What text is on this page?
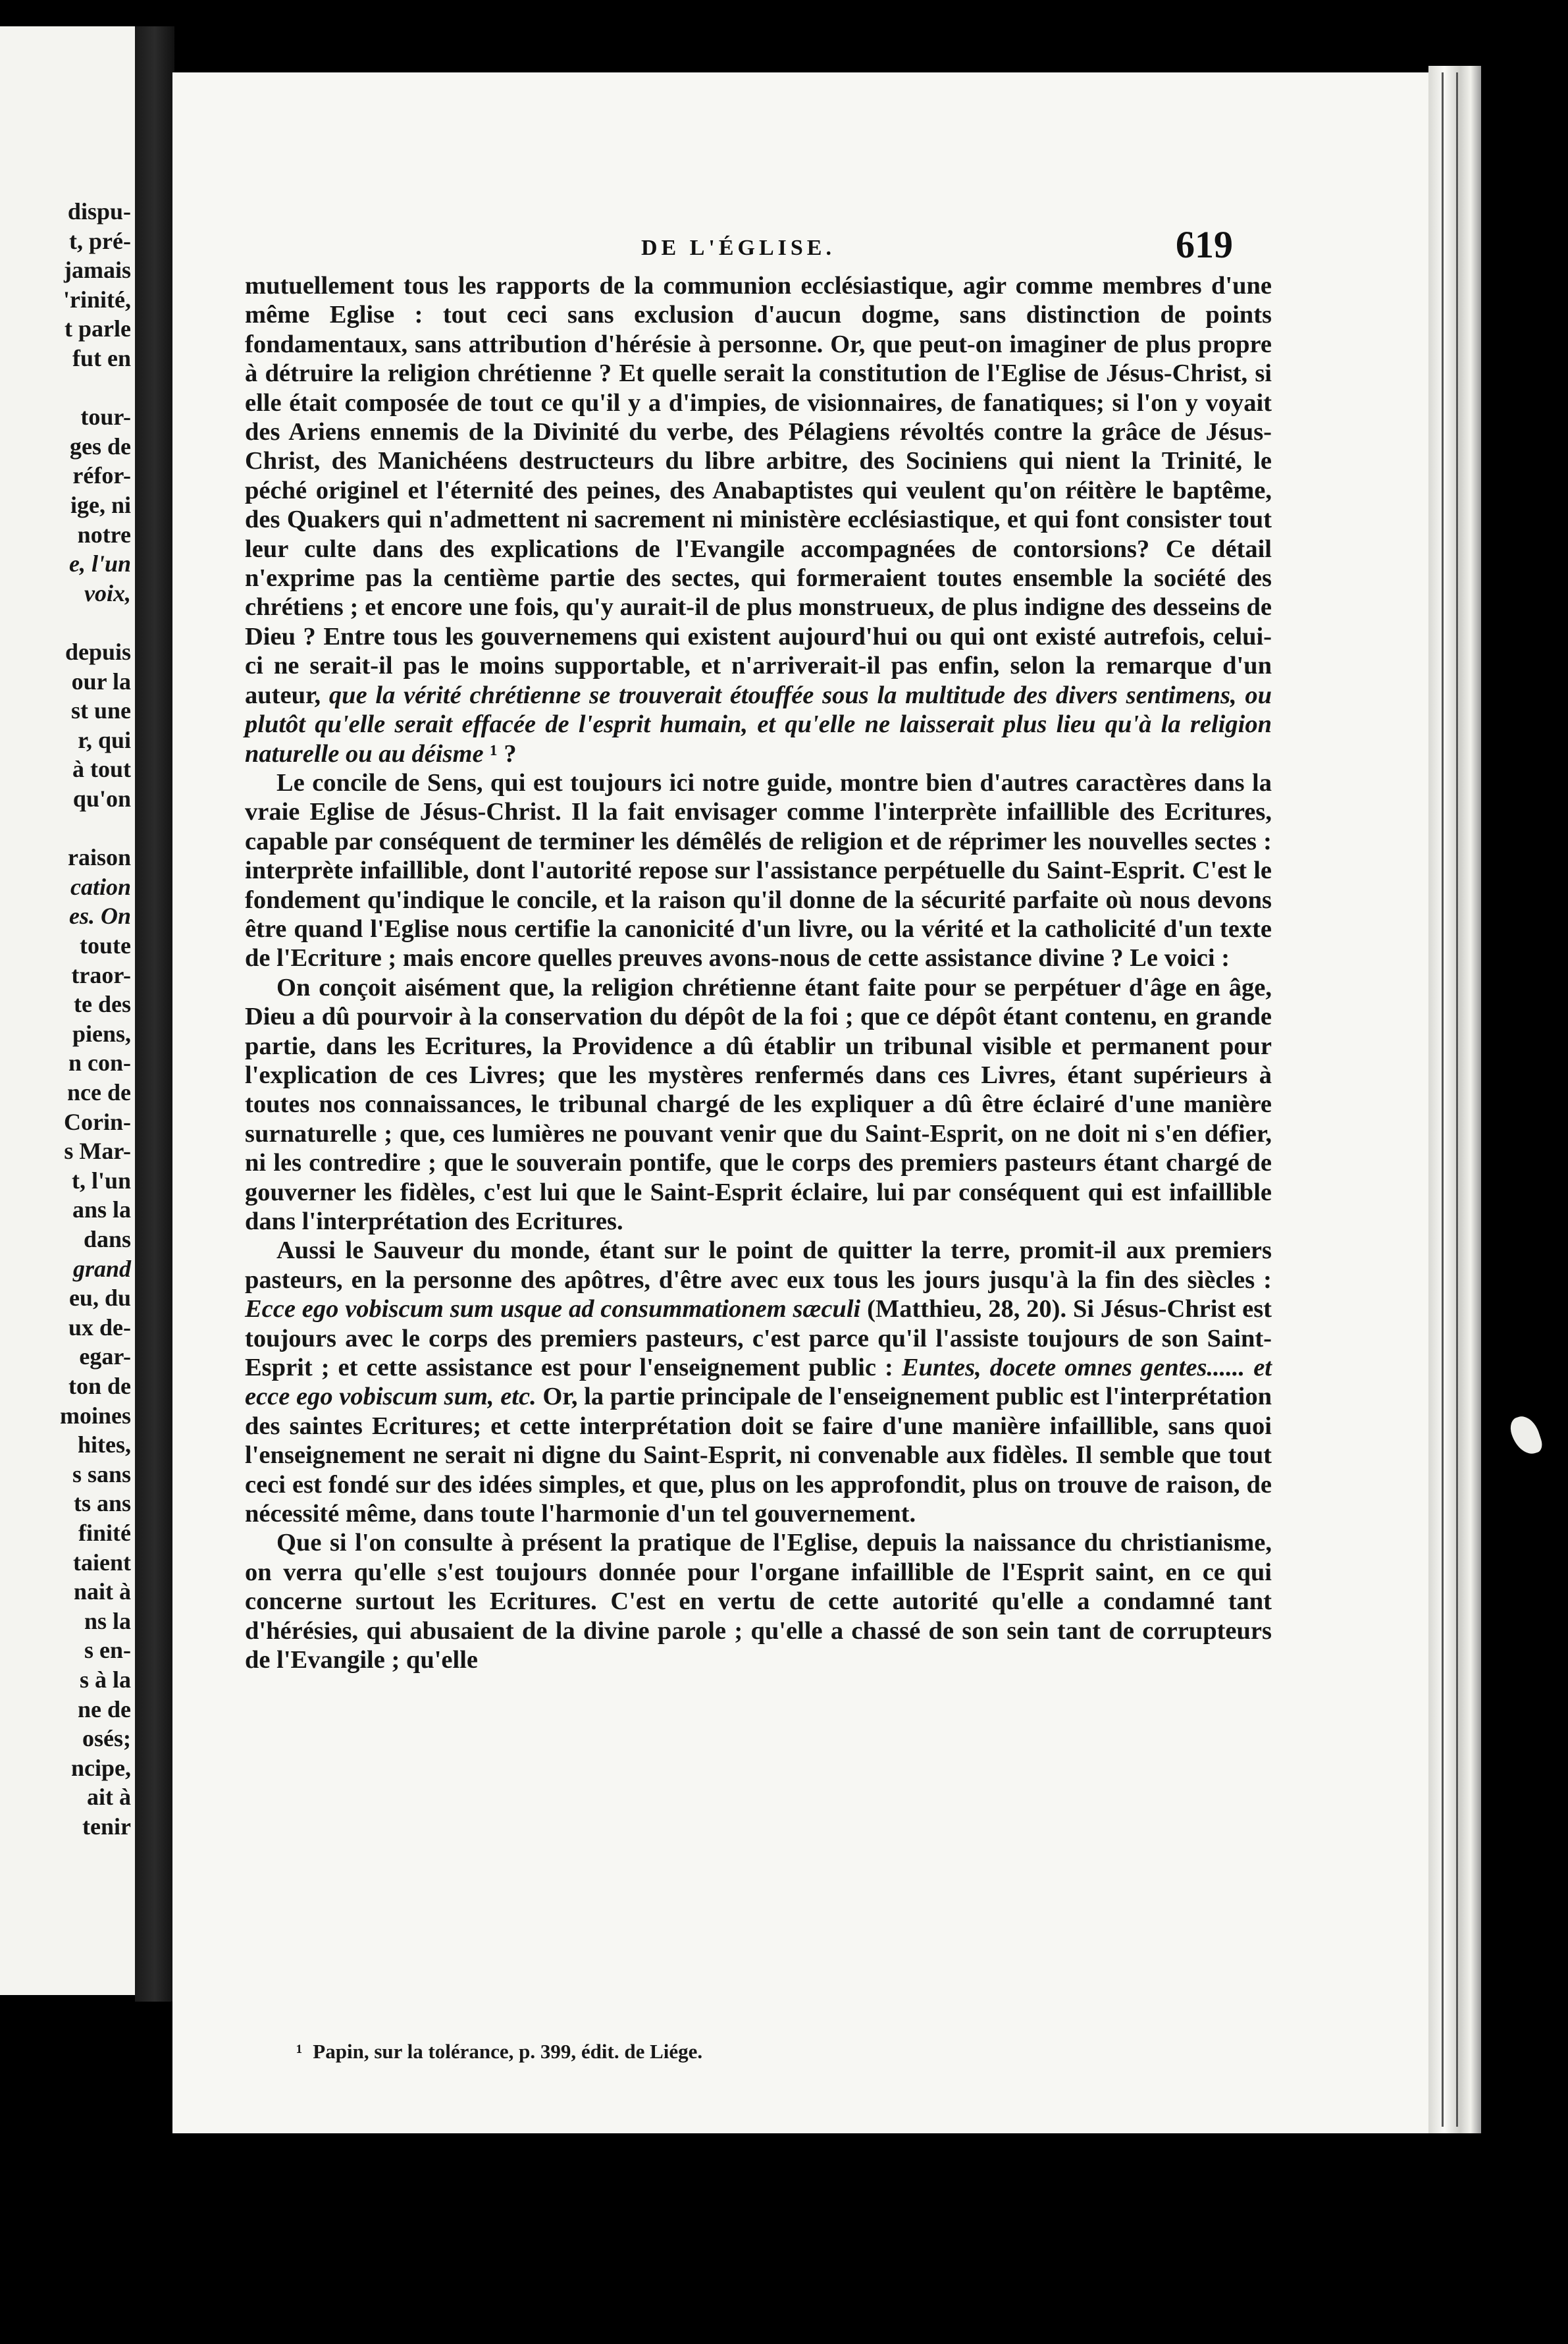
dispu-
t, pré-
jamais
'rinité,
t parle
fut en
tour-
ges de
réfor-
ige, ni
notre
e, l'un
voix,
depuis
our la
st une
r, qui
à tout
qu'on
raison
cation
es. On
toute
traor-
te des
piens,
n con-
nce de
Corin-
s Mar-
t, l'un
ans la
dans
grand
eu, du
ux de-
egar-
ton de
moines
hites,
s sans
ts ans
finité
taient
nait à
ns la
s en-
s à la
ne de
osés;
ncipe,
ait à
tenir
DE L'ÉGLISE.	619

mutuellement tous les rapports de la communion ecclésiastique, agir comme membres d'une même Eglise : tout ceci sans exclusion d'aucun dogme, sans distinction de points fondamentaux, sans attribution d'hérésie à personne. Or, que peut-on imaginer de plus propre à détruire la religion chrétienne ? Et quelle serait la constitution de l'Eglise de Jésus-Christ, si elle était composée de tout ce qu'il y a d'impies, de visionnaires, de fanatiques; si l'on y voyait des Ariens ennemis de la Divinité du verbe, des Pélagiens révoltés contre la grâce de Jésus-Christ, des Manichéens destructeurs du libre arbitre, des Sociniens qui nient la Trinité, le péché originel et l'éternité des peines, des Anabaptistes qui veulent qu'on réitère le baptême, des Quakers qui n'admettent ni sacrement ni ministère ecclésiastique, et qui font consister tout leur culte dans des explications de l'Evangile accompagnées de contorsions? Ce détail n'exprime pas la centième partie des sectes, qui formeraient toutes ensemble la société des chrétiens ; et encore une fois, qu'y aurait-il de plus monstrueux, de plus indigne des desseins de Dieu ? Entre tous les gouvernemens qui existent aujourd'hui ou qui ont existé autrefois, celui-ci ne serait-il pas le moins supportable, et n'arriverait-il pas enfin, selon la remarque d'un auteur, que la vérité chrétienne se trouverait étouffée sous la multitude des divers sentimens, ou plutôt qu'elle serait effacée de l'esprit humain, et qu'elle ne laisserait plus lieu qu'à la religion naturelle ou au déisme ¹ ?

Le concile de Sens, qui est toujours ici notre guide, montre bien d'autres caractères dans la vraie Eglise de Jésus-Christ. Il la fait envisager comme l'interprète infaillible des Ecritures, capable par conséquent de terminer les démêlés de religion et de réprimer les nouvelles sectes : interprète infaillible, dont l'autorité repose sur l'assistance perpétuelle du Saint-Esprit. C'est le fondement qu'indique le concile, et la raison qu'il donne de la sécurité parfaite où nous devons être quand l'Eglise nous certifie la canonicité d'un livre, ou la vérité et la catholicité d'un texte de l'Ecriture ; mais encore quelles preuves avons-nous de cette assistance divine ? Le voici :

On conçoit aisément que, la religion chrétienne étant faite pour se perpétuer d'âge en âge, Dieu a dû pourvoir à la conservation du dépôt de la foi ; que ce dépôt étant contenu, en grande partie, dans les Ecritures, la Providence a dû établir un tribunal visible et permanent pour l'explication de ces Livres; que les mystères renfermés dans ces Livres, étant supérieurs à toutes nos connaissances, le tribunal chargé de les expliquer a dû être éclairé d'une manière surnaturelle ; que, ces lumières ne pouvant venir que du Saint-Esprit, on ne doit ni s'en défier, ni les contredire ; que le souverain pontife, que le corps des premiers pasteurs étant chargé de gouverner les fidèles, c'est lui que le Saint-Esprit éclaire, lui par conséquent qui est infaillible dans l'interprétation des Ecritures.

Aussi le Sauveur du monde, étant sur le point de quitter la terre, promit-il aux premiers pasteurs, en la personne des apôtres, d'être avec eux tous les jours jusqu'à la fin des siècles : Ecce ego vobiscum sum usque ad consummationem sæculi (Matthieu, 28, 20). Si Jésus-Christ est toujours avec le corps des premiers pasteurs, c'est parce qu'il l'assiste toujours de son Saint-Esprit ; et cette assistance est pour l'enseignement public : Euntes, docete omnes gentes...... et ecce ego vobiscum sum, etc. Or, la partie principale de l'enseignement public est l'interprétation des saintes Ecritures; et cette interprétation doit se faire d'une manière infaillible, sans quoi l'enseignement ne serait ni digne du Saint-Esprit, ni convenable aux fidèles. Il semble que tout ceci est fondé sur des idées simples, et que, plus on les approfondit, plus on trouve de raison, de nécessité même, dans toute l'harmonie d'un tel gouvernement.

Que si l'on consulte à présent la pratique de l'Eglise, depuis la naissance du christianisme, on verra qu'elle s'est toujours donnée pour l'organe infaillible de l'Esprit saint, en ce qui concerne surtout les Ecritures. C'est en vertu de cette autorité qu'elle a condamné tant d'hérésies, qui abusaient de la divine parole ; qu'elle a chassé de son sein tant de corrupteurs de l'Evangile ; qu'elle

¹ Papin, sur la tolérance, p. 399, édit. de Liége.
